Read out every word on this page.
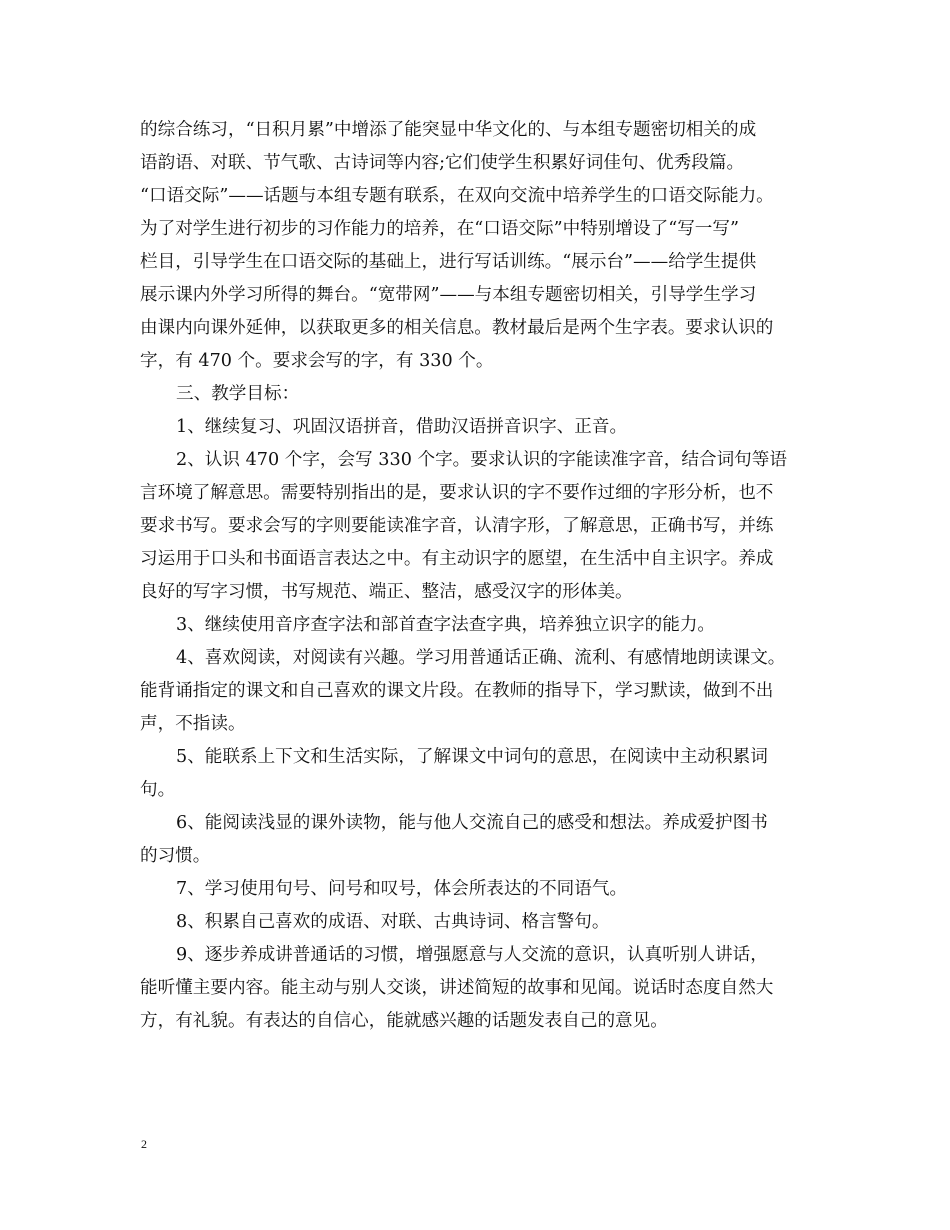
的综合练习，“日积月累”中增添了能突显中华文化的、与本组专题密切相关的成
语韵语、对联、节气歌、古诗词等内容;它们使学生积累好词佳句、优秀段篇。
“口语交际”——话题与本组专题有联系，在双向交流中培养学生的口语交际能力。
为了对学生进行初步的习作能力的培养，在“口语交际”中特别增设了“写一写”
栏目，引导学生在口语交际的基础上，进行写话训练。“展示台”——给学生提供
展示课内外学习所得的舞台。“宽带网”——与本组专题密切相关，引导学生学习
由课内向课外延伸，以获取更多的相关信息。教材最后是两个生字表。要求认识的
字，有 470 个。要求会写的字，有 330 个。
三、教学目标：
1、继续复习、巩固汉语拼音，借助汉语拼音识字、正音。
2、认识 470 个字，会写 330 个字。要求认识的字能读准字音，结合词句等语
言环境了解意思。需要特别指出的是，要求认识的字不要作过细的字形分析，也不
要求书写。要求会写的字则要能读准字音，认清字形，了解意思，正确书写，并练
习运用于口头和书面语言表达之中。有主动识字的愿望，在生活中自主识字。养成
良好的写字习惯，书写规范、端正、整洁，感受汉字的形体美。
3、继续使用音序查字法和部首查字法查字典，培养独立识字的能力。
4、喜欢阅读，对阅读有兴趣。学习用普通话正确、流利、有感情地朗读课文。
能背诵指定的课文和自己喜欢的课文片段。在教师的指导下，学习默读，做到不出
声，不指读。
5、能联系上下文和生活实际，了解课文中词句的意思，在阅读中主动积累词
句。
6、能阅读浅显的课外读物，能与他人交流自己的感受和想法。养成爱护图书
的习惯。
7、学习使用句号、问号和叹号，体会所表达的不同语气。
8、积累自己喜欢的成语、对联、古典诗词、格言警句。
9、逐步养成讲普通话的习惯，增强愿意与人交流的意识，认真听别人讲话，
能听懂主要内容。能主动与别人交谈，讲述简短的故事和见闻。说话时态度自然大
方，有礼貌。有表达的自信心，能就感兴趣的话题发表自己的意见。
2
